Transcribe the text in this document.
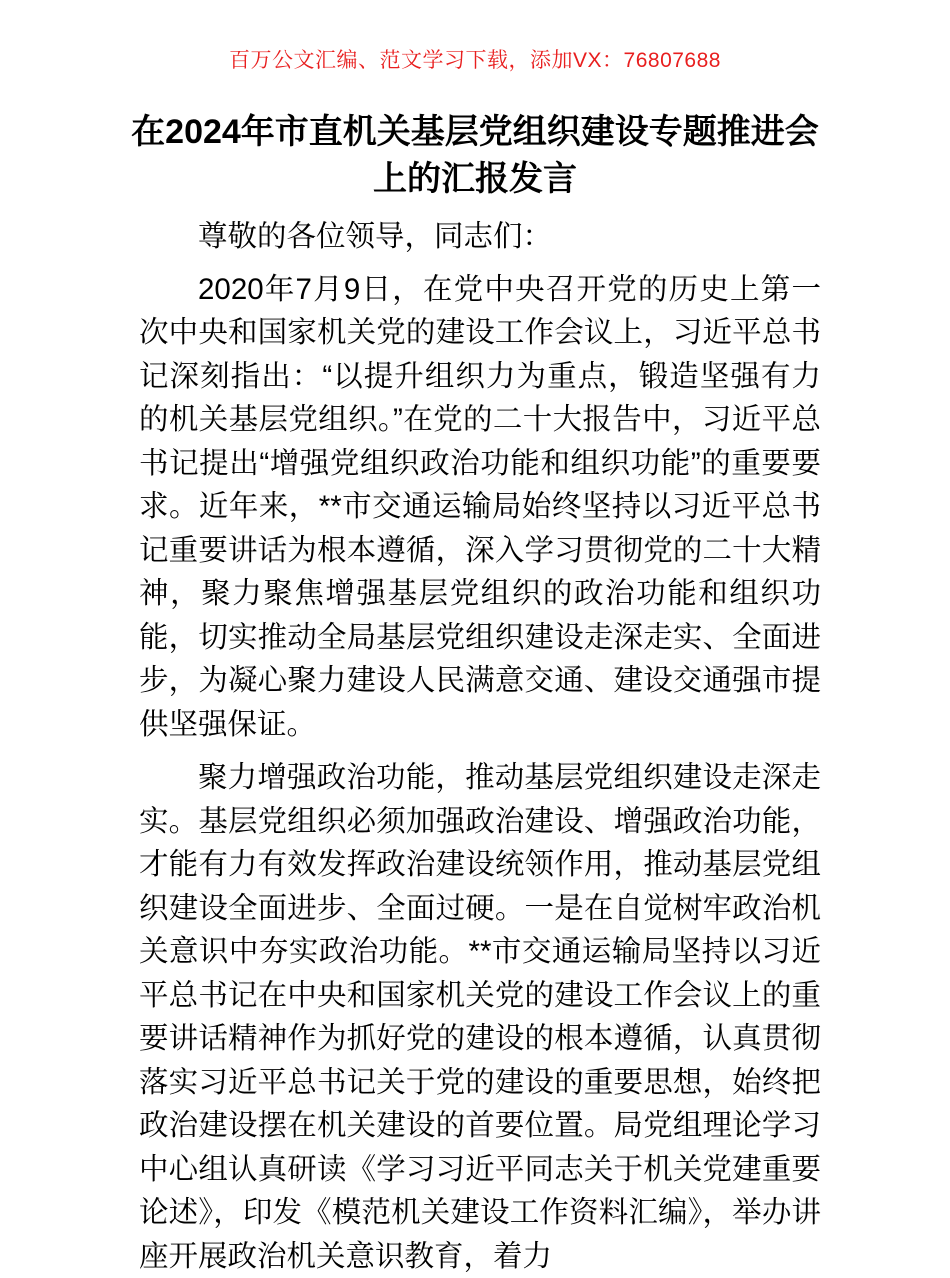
百万公文汇编、范文学习下载，添加VX：76807688
在2024年市直机关基层党组织建设专题推进会上的汇报发言

尊敬的各位领导，同志们：

2020年7月9日，在党中央召开党的历史上第一次中央和国家机关党的建设工作会议上，习近平总书记深刻指出：“以提升组织力为重点，锻造坚强有力的机关基层党组织。”在党的二十大报告中，习近平总书记提出“增强党组织政治功能和组织功能”的重要要求。近年来，**市交通运输局始终坚持以习近平总书记重要讲话为根本遵循，深入学习贯彻党的二十大精神，聚力聚焦增强基层党组织的政治功能和组织功能，切实推动全局基层党组织建设走深走实、全面进步，为凝心聚力建设人民满意交通、建设交通强市提供坚强保证。

聚力增强政治功能，推动基层党组织建设走深走实。基层党组织必须加强政治建设、增强政治功能，才能有力有效发挥政治建设统领作用，推动基层党组织建设全面进步、全面过硬。一是在自觉树牢政治机关意识中夯实政治功能。**市交通运输局坚持以习近平总书记在中央和国家机关党的建设工作会议上的重要讲话精神作为抓好党的建设的根本遵循，认真贯彻落实习近平总书记关于党的建设的重要思想，始终把政治建设摆在机关建设的首要位置。局党组理论学习中心组认真研读《学习习近平同志关于机关党建重要论述》，印发《模范机关建设工作资料汇编》，举办讲座开展政治机关意识教育，着力
